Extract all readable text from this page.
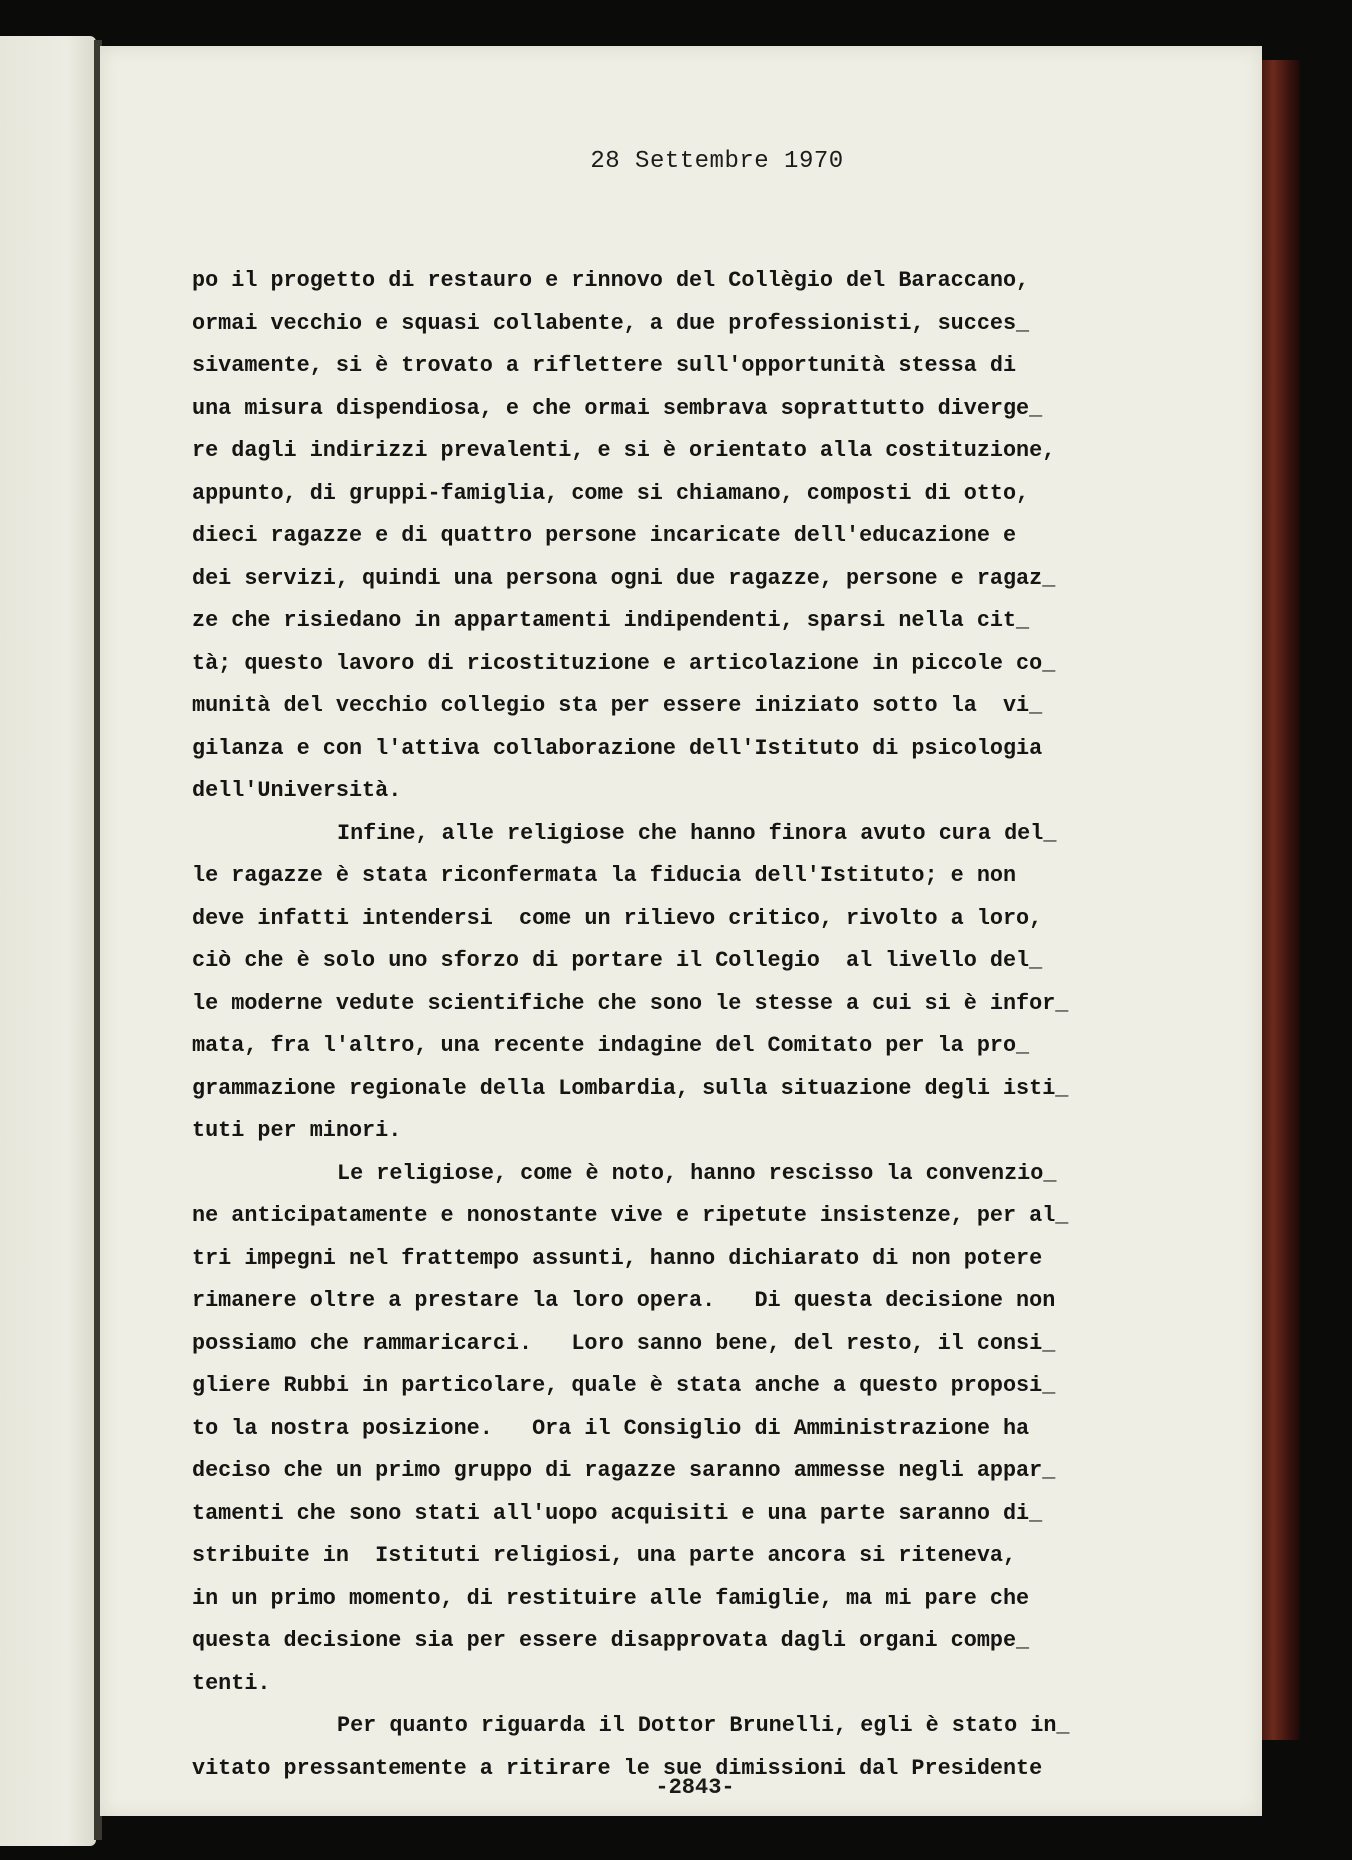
28 Settembre 1970
po il progetto di restauro e rinnovo del Collègio del Baraccano,
ormai vecchio e squasi collabente, a due professionisti, succes_
sivamente, si è trovato a riflettere sull'opportunità stessa di
una misura dispendiosa, e che ormai sembrava soprattutto diverge_
re dagli indirizzi prevalenti, e si è orientato alla costituzione,
appunto, di gruppi-famiglia, come si chiamano, composti di otto,
dieci ragazze e di quattro persone incaricate dell'educazione e
dei servizi, quindi una persona ogni due ragazze, persone e ragaz_
ze che risiedano in appartamenti indipendenti, sparsi nella cit_
tà; questo lavoro di ricostituzione e articolazione in piccole co_
munità del vecchio collegio sta per essere iniziato sotto la  vi_
gilanza e con l'attiva collaborazione dell'Istituto di psicologia
dell'Università.
Infine, alle religiose che hanno finora avuto cura del_
le ragazze è stata riconfermata la fiducia dell'Istituto; e non
deve infatti intendersi  come un rilievo critico, rivolto a loro,
ciò che è solo uno sforzo di portare il Collegio  al livello del_
le moderne vedute scientifiche che sono le stesse a cui si è infor_
mata, fra l'altro, una recente indagine del Comitato per la pro_
grammazione regionale della Lombardia, sulla situazione degli isti_
tuti per minori.
Le religiose, come è noto, hanno rescisso la convenzio_
ne anticipatamente e nonostante vive e ripetute insistenze, per al_
tri impegni nel frattempo assunti, hanno dichiarato di non potere
rimanere oltre a prestare la loro opera.   Di questa decisione non
possiamo che rammaricarci.   Loro sanno bene, del resto, il consi_
gliere Rubbi in particolare, quale è stata anche a questo proposi_
to la nostra posizione.   Ora il Consiglio di Amministrazione ha
deciso che un primo gruppo di ragazze saranno ammesse negli appar_
tamenti che sono stati all'uopo acquisiti e una parte saranno di_
stribuite in  Istituti religiosi, una parte ancora si riteneva,
in un primo momento, di restituire alle famiglie, ma mi pare che
questa decisione sia per essere disapprovata dagli organi compe_
tenti.
Per quanto riguarda il Dottor Brunelli, egli è stato in_
vitato pressantemente a ritirare le sue dimissioni dal Presidente
-2843-
